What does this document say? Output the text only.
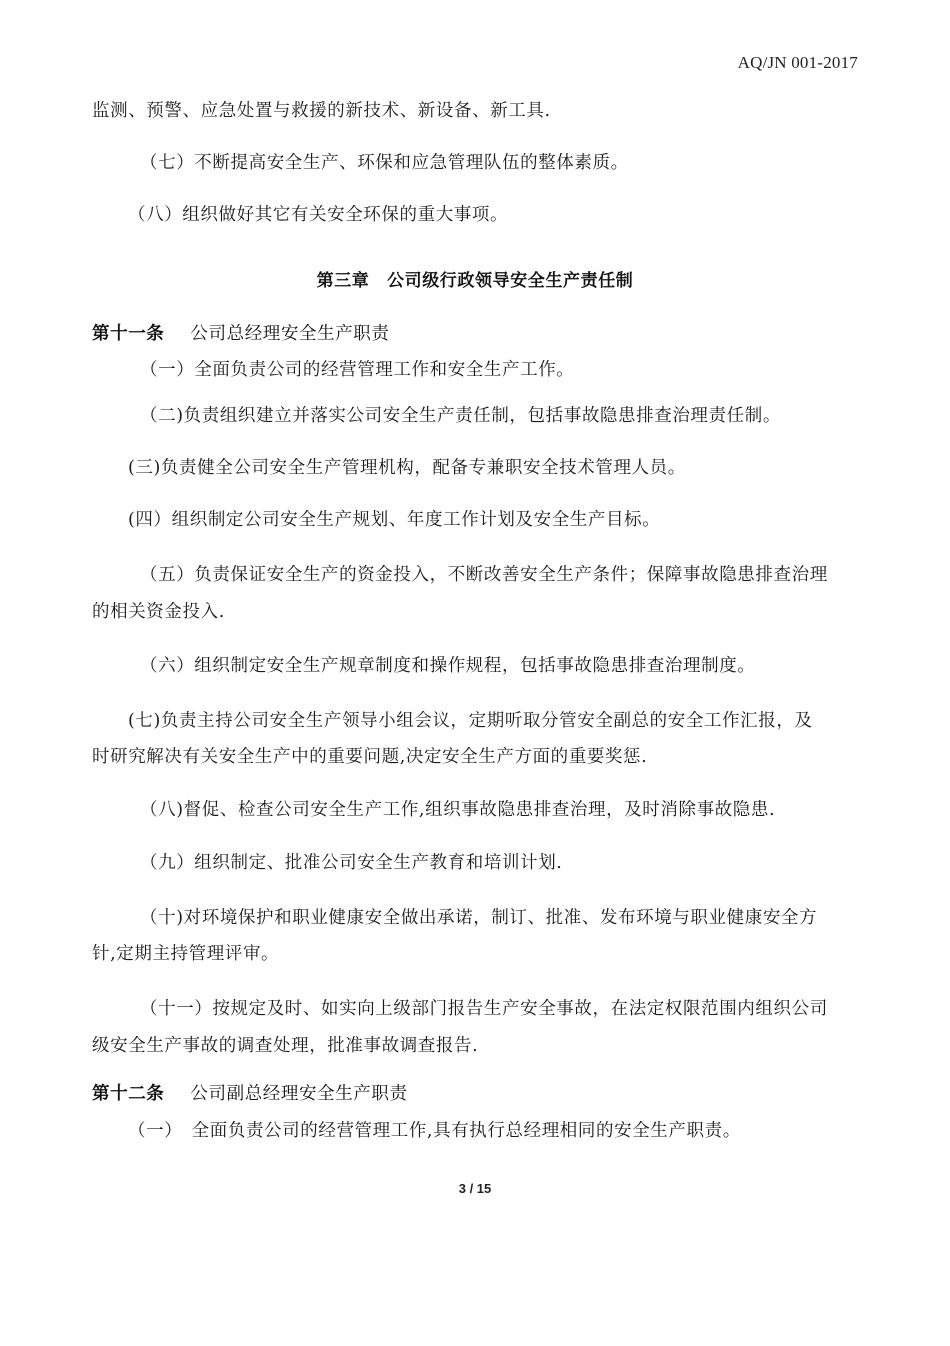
AQ/JN 001-2017
监测、预警、应急处置与救援的新技术、新设备、新工具.
（七）不断提高安全生产、环保和应急管理队伍的整体素质。
（八）组织做好其它有关安全环保的重大事项。
第三章　公司级行政领导安全生产责任制
第十一条 公司总经理安全生产职责
（一）全面负责公司的经营管理工作和安全生产工作。
（二)负责组织建立并落实公司安全生产责任制，包括事故隐患排查治理责任制。
(三)负责健全公司安全生产管理机构，配备专兼职安全技术管理人员。
(四）组织制定公司安全生产规划、年度工作计划及安全生产目标。
（五）负责保证安全生产的资金投入，不断改善安全生产条件；保障事故隐患排查治理
的相关资金投入.
（六）组织制定安全生产规章制度和操作规程，包括事故隐患排查治理制度。
(七)负责主持公司安全生产领导小组会议，定期听取分管安全副总的安全工作汇报，及
时研究解决有关安全生产中的重要问题,决定安全生产方面的重要奖惩.
（八)督促、检查公司安全生产工作,组织事故隐患排查治理，及时消除事故隐患.
（九）组织制定、批准公司安全生产教育和培训计划.
（十)对环境保护和职业健康安全做出承诺，制订、批准、发布环境与职业健康安全方
针,定期主持管理评审。
（十一）按规定及时、如实向上级部门报告生产安全事故，在法定权限范围内组织公司
级安全生产事故的调查处理，批准事故调查报告.
第十二条 公司副总经理安全生产职责
（一）　全面负责公司的经营管理工作,具有执行总经理相同的安全生产职责。
3 / 15
